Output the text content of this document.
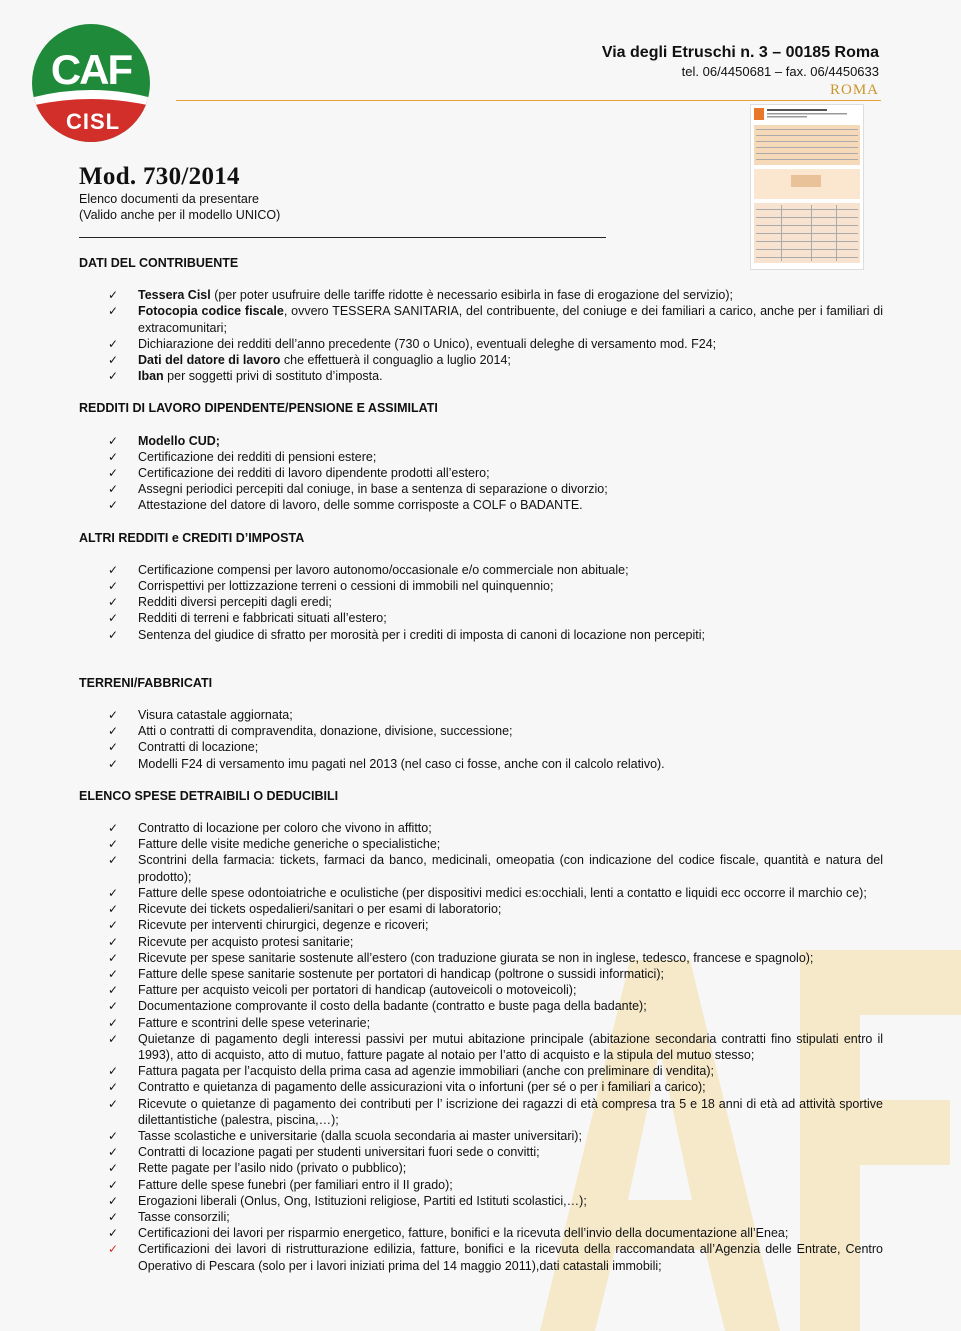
CAF
CISL
Via degli Etruschi n. 3 – 00185 Roma
tel. 06/4450681 – fax. 06/4450633
ROMA
Mod. 730/2014
Elenco documenti da presentare
(Valido anche per il modello UNICO)
DATI DEL CONTRIBUENTE
✓ Tessera Cisl (per poter usufruire delle tariffe ridotte è necessario esibirla in fase di erogazione del servizio);
✓ Fotocopia codice fiscale, ovvero TESSERA SANITARIA, del contribuente, del coniuge e dei familiari a carico, anche per i familiari di extracomunitari;
✓ Dichiarazione dei redditi dell’anno precedente (730 o Unico), eventuali deleghe di versamento mod. F24;
✓ Dati del datore di lavoro che effettuerà il conguaglio a luglio 2014;
✓ Iban per soggetti privi di sostituto d’imposta.
REDDITI DI LAVORO DIPENDENTE/PENSIONE E ASSIMILATI
✓ Modello CUD;
✓ Certificazione dei redditi di pensioni estere;
✓ Certificazione dei redditi di lavoro dipendente prodotti all’estero;
✓ Assegni periodici percepiti dal coniuge, in base a sentenza di separazione o divorzio;
✓ Attestazione del datore di lavoro, delle somme corrisposte a COLF o BADANTE.
ALTRI REDDITI e CREDITI D’IMPOSTA
✓ Certificazione compensi per lavoro autonomo/occasionale e/o commerciale non abituale;
✓ Corrispettivi per lottizzazione terreni o cessioni di immobili nel quinquennio;
✓ Redditi diversi percepiti dagli eredi;
✓ Redditi di terreni e fabbricati situati all’estero;
✓ Sentenza del giudice di sfratto per morosità per i crediti di imposta di canoni di locazione non percepiti;
TERRENI/FABBRICATI
✓ Visura catastale aggiornata;
✓ Atti o contratti di compravendita, donazione, divisione, successione;
✓ Contratti di locazione;
✓ Modelli F24 di versamento imu pagati nel 2013 (nel caso ci fosse, anche con il calcolo relativo).
ELENCO SPESE DETRAIBILI O DEDUCIBILI
✓ Contratto di locazione per coloro che vivono in affitto;
✓ Fatture delle visite mediche generiche o specialistiche;
✓ Scontrini della farmacia: tickets, farmaci da banco, medicinali, omeopatia (con indicazione del codice fiscale, quantità e natura del prodotto);
✓ Fatture delle spese odontoiatriche e oculistiche (per dispositivi medici es:occhiali, lenti a contatto e liquidi ecc occorre il marchio ce);
✓ Ricevute dei tickets ospedalieri/sanitari o per esami di laboratorio;
✓ Ricevute per interventi chirurgici, degenze e ricoveri;
✓ Ricevute per acquisto protesi sanitarie;
✓ Ricevute per spese sanitarie sostenute all’estero (con traduzione giurata se non in inglese, tedesco, francese e spagnolo);
✓ Fatture delle spese sanitarie sostenute per portatori di handicap (poltrone o sussidi informatici);
✓ Fatture per acquisto veicoli per portatori di handicap (autoveicoli o motoveicoli);
✓ Documentazione comprovante il costo della badante (contratto e buste paga della badante);
✓ Fatture e scontrini delle spese veterinarie;
✓ Quietanze di pagamento degli interessi passivi per mutui abitazione principale (abitazione secondaria contratti fino stipulati entro il 1993), atto di acquisto, atto di mutuo, fatture pagate al notaio per l’atto di acquisto e la stipula del mutuo stesso;
✓ Fattura pagata per l’acquisto della prima casa ad agenzie immobiliari (anche con preliminare di vendita);
✓ Contratto e quietanza di pagamento delle assicurazioni vita o infortuni (per sé o per i familiari a carico);
✓ Ricevute o quietanze di pagamento dei contributi per l’ iscrizione dei ragazzi di età compresa tra 5 e 18 anni di età ad attività sportive dilettantistiche (palestra, piscina,…);
✓ Tasse scolastiche e universitarie (dalla scuola secondaria ai master universitari);
✓ Contratti di locazione pagati per studenti universitari fuori sede o convitti;
✓ Rette pagate per l’asilo nido (privato o pubblico);
✓ Fatture delle spese funebri (per familiari entro il II grado);
✓ Erogazioni liberali (Onlus, Ong, Istituzioni religiose, Partiti ed Istituti scolastici,…);
✓ Tasse consorzili;
✓ Certificazioni dei lavori per risparmio energetico, fatture, bonifici e la ricevuta dell’invio della documentazione all’Enea;
✓ Certificazioni dei lavori di ristrutturazione edilizia, fatture, bonifici e la ricevuta della raccomandata all’Agenzia delle Entrate, Centro Operativo di Pescara (solo per i lavori iniziati prima del 14 maggio 2011),dati catastali immobili;
